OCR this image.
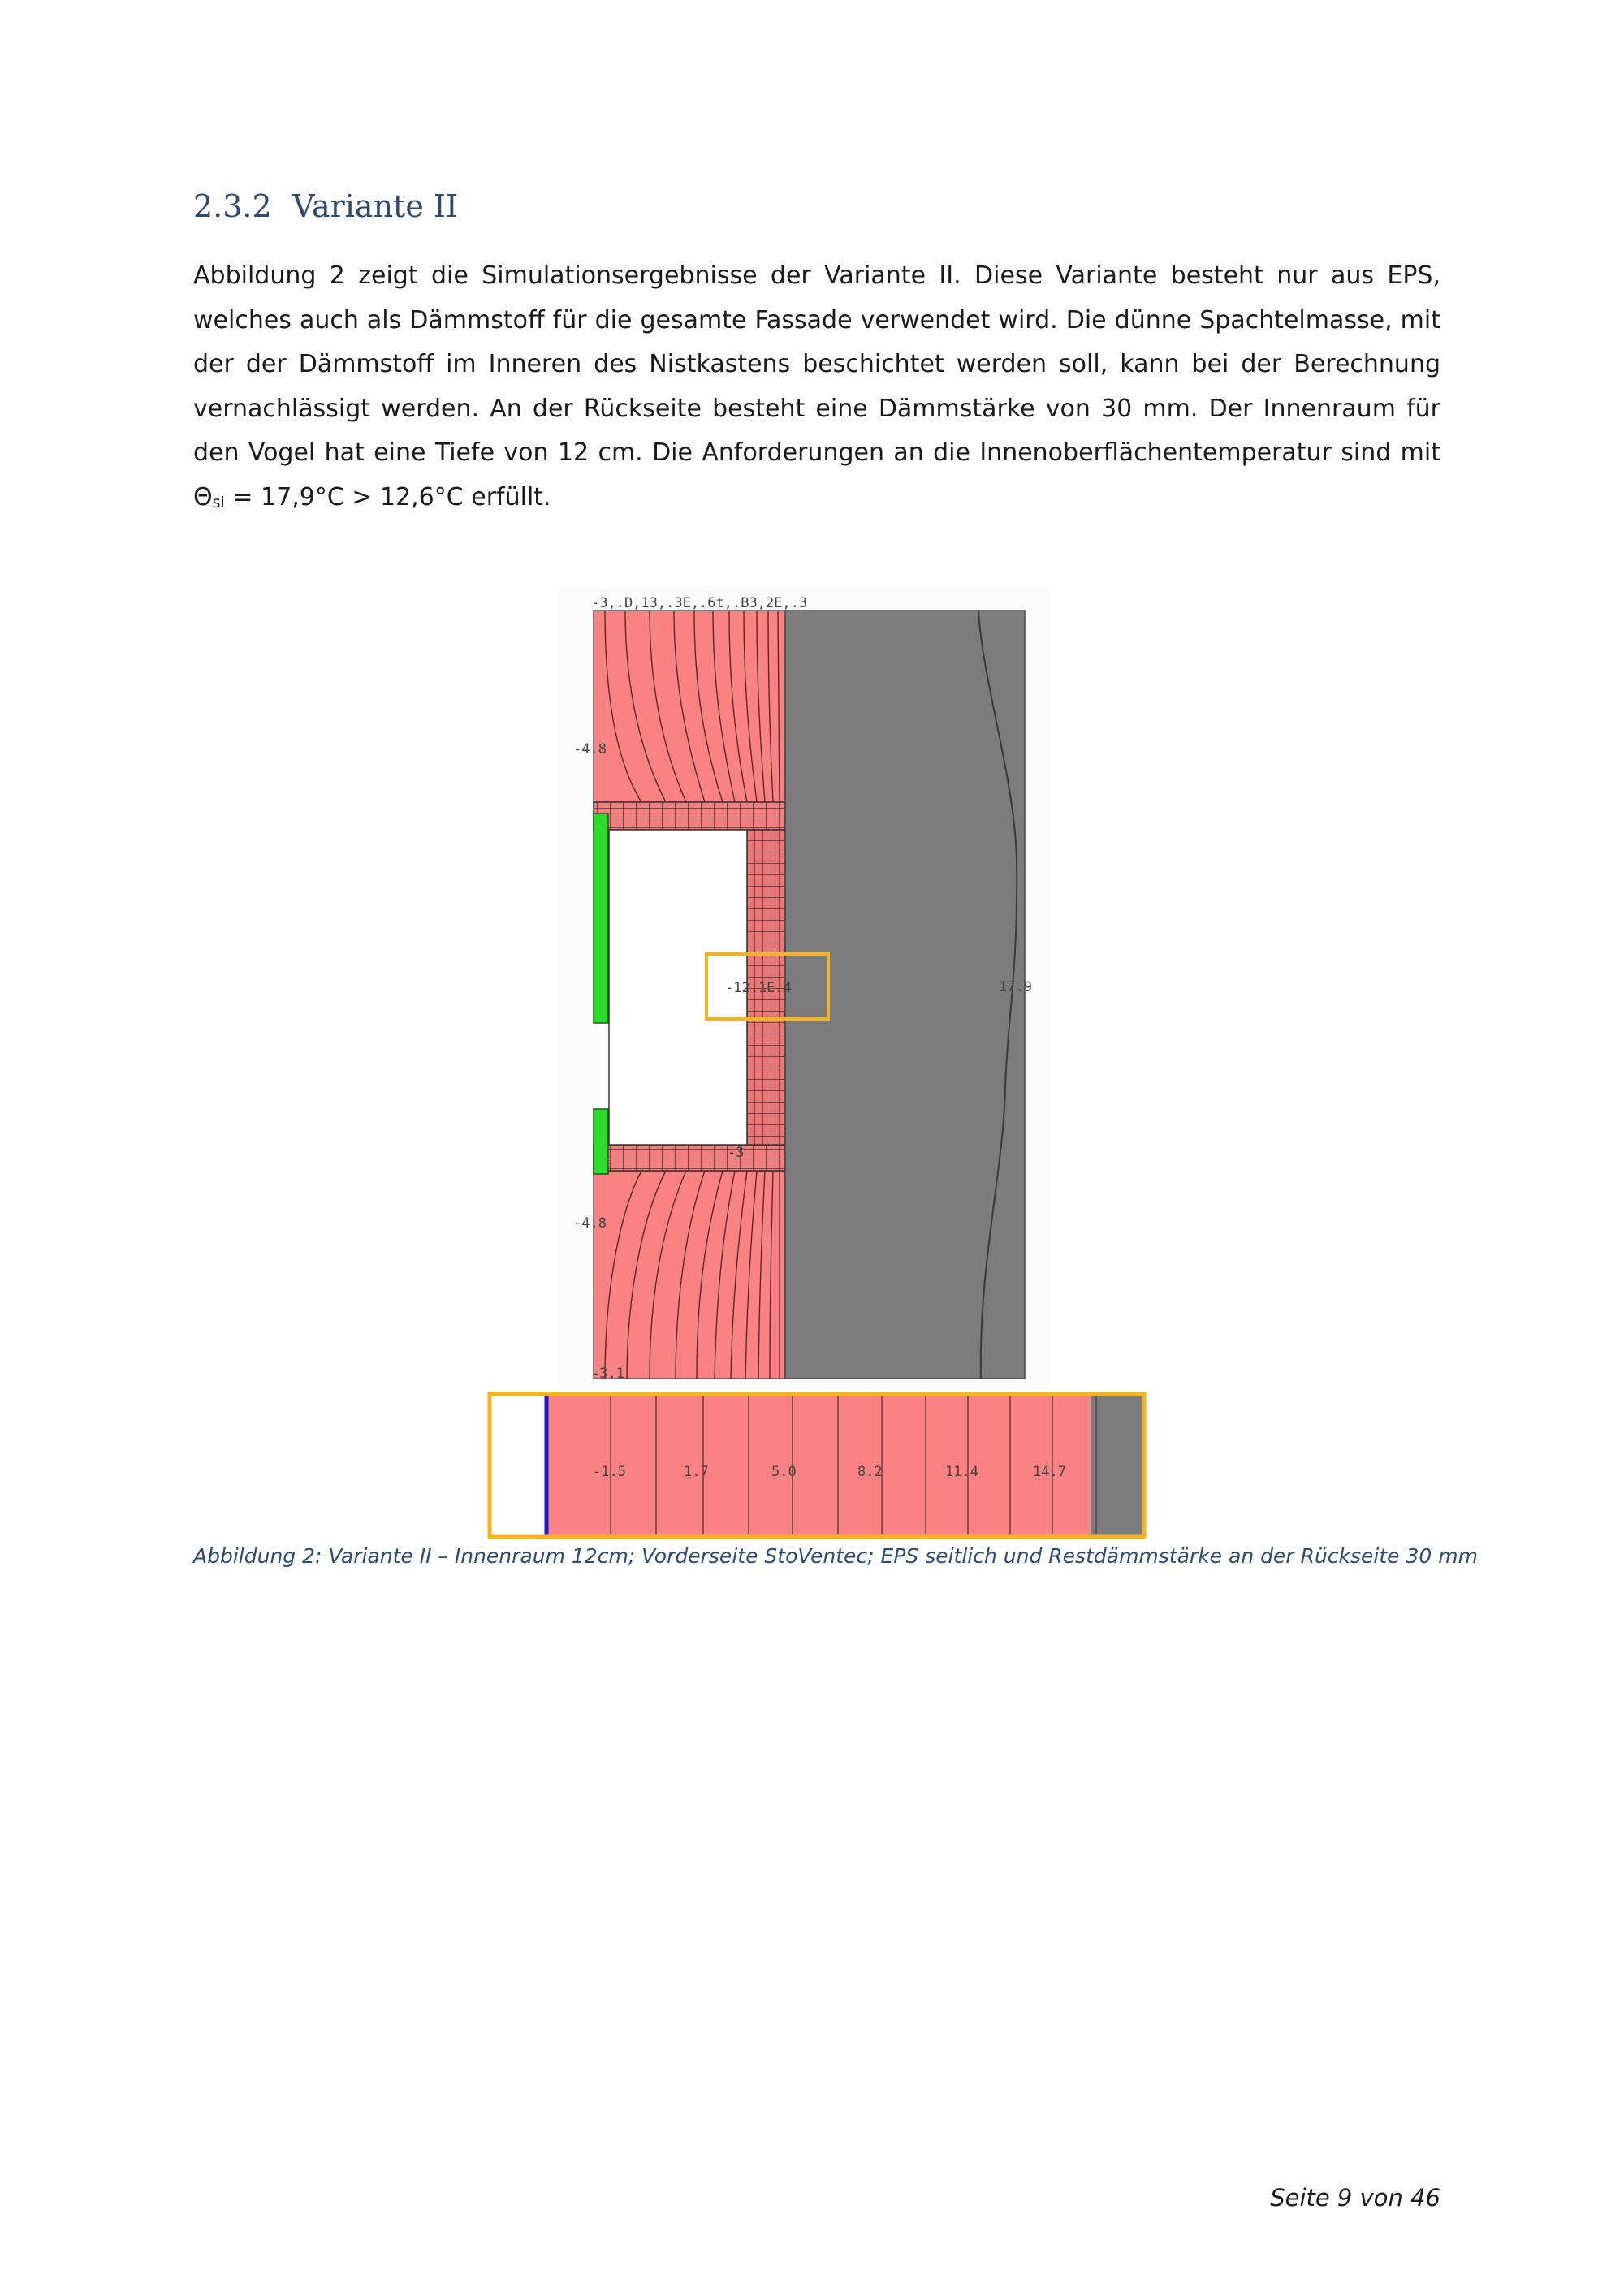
2.3.2 Variante II

Abbildung 2 zeigt die Simulationsergebnisse der Variante II. Diese Variante besteht nur aus EPS, welches auch als Dämmstoff für die gesamte Fassade verwendet wird. Die dünne Spachtelmasse, mit der der Dämmstoff im Inneren des Nistkastens beschichtet werden soll, kann bei der Berechnung vernachlässigt werden. An der Rückseite besteht eine Dämmstärke von 30 mm. Der Innenraum für den Vogel hat eine Tiefe von 12 cm. Die Anforderungen an die Innenoberflächentemperatur sind mit $\Theta_{si} = 17,9^\circ C > 12,6^\circ C$ erfüllt.

-3,.D,13,.3E,.6t,.B3,2E,.3
-4.8
-4.8
-3.1
-12.1E.4
-3
17.9
-1.5	1.7	5.0	8.2	11.4	14.7
Abbildung 2: Variante II – Innenraum 12cm; Vorderseite StoVentec; EPS seitlich und Restdämmstärke an der Rückseite 30 mm
Seite 9 von 46
